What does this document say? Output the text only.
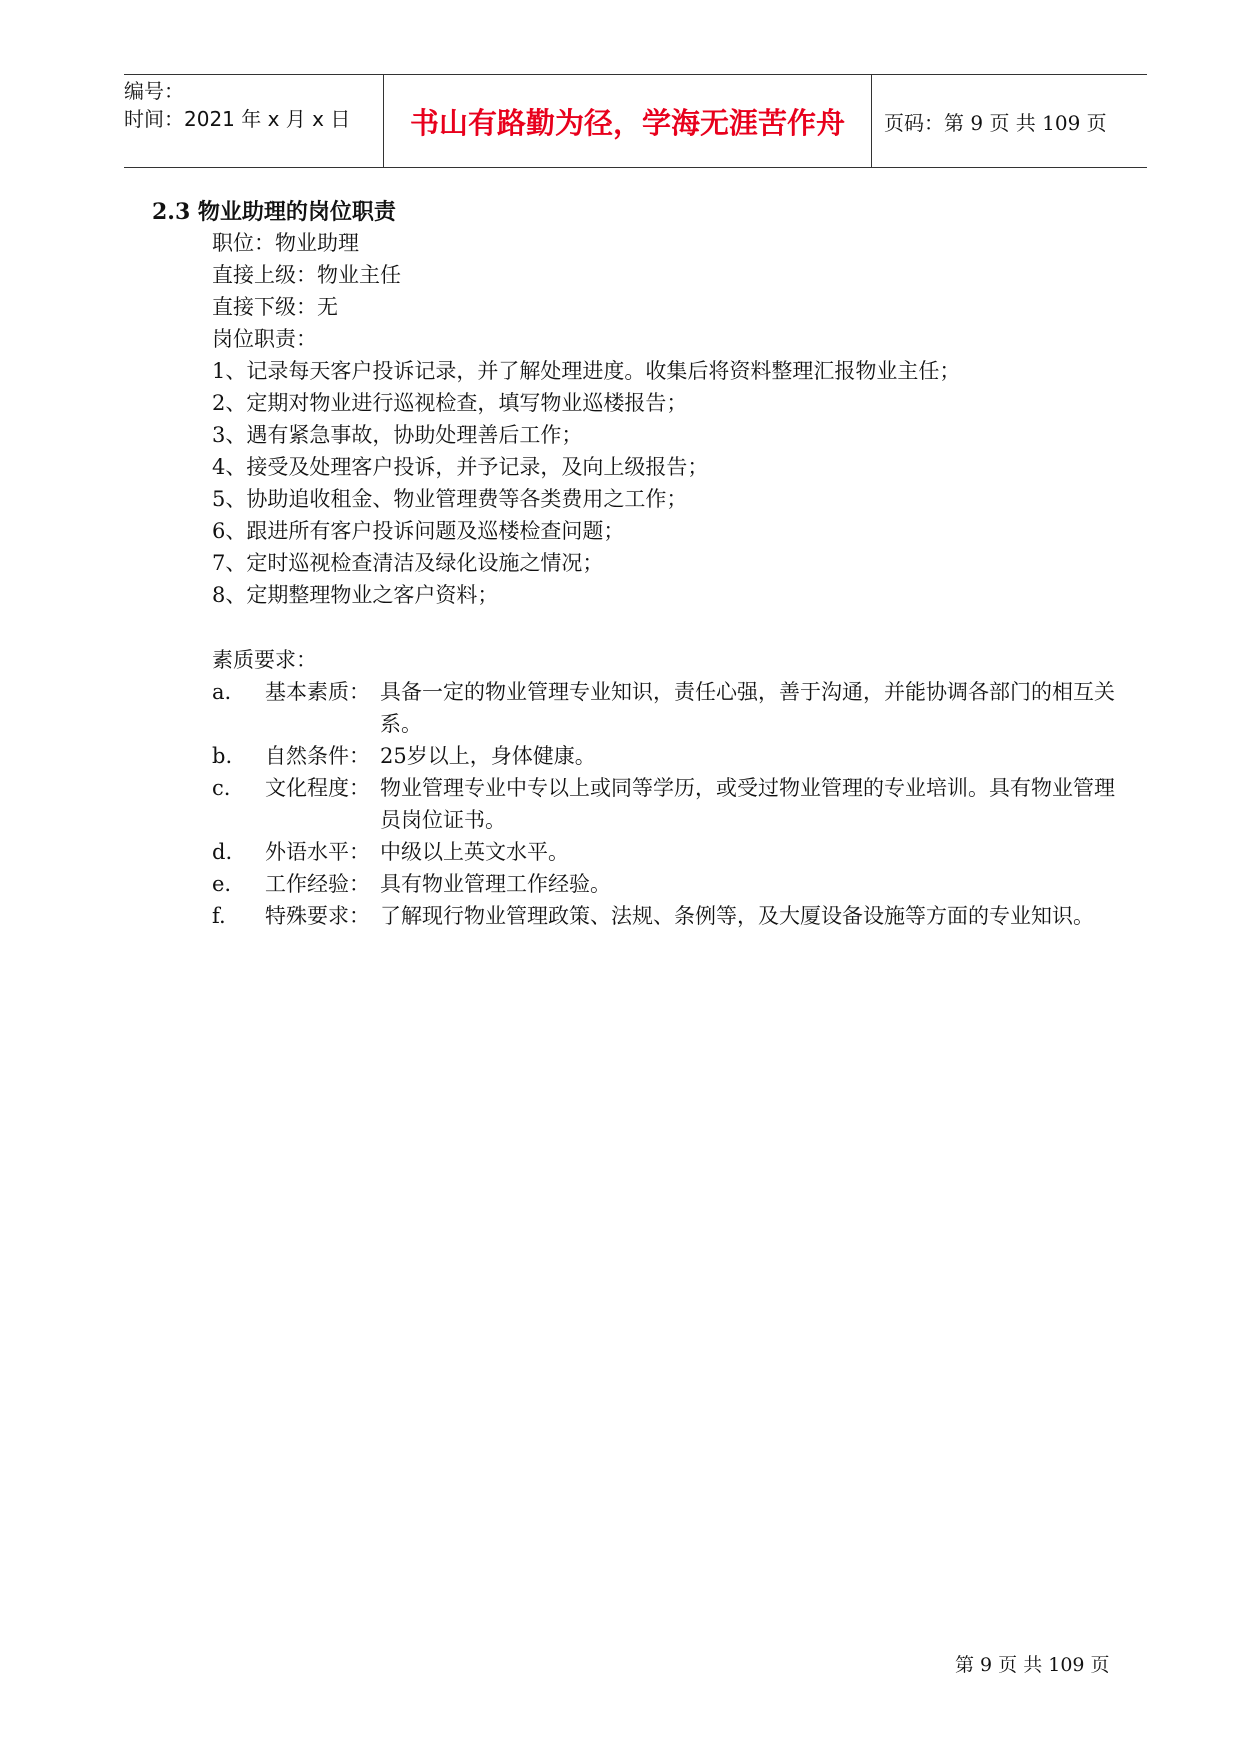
编号：
时间：2021 年 x 月 x 日	书山有路勤为径，学海无涯苦作舟 页码：第 9 页 共 109 页
2.3 物业助理的岗位职责
职位：物业助理
直接上级：物业主任
直接下级：无
岗位职责：
1、记录每天客户投诉记录，并了解处理进度。收集后将资料整理汇报物业主任；
2、定期对物业进行巡视检查，填写物业巡楼报告；
3、遇有紧急事故，协助处理善后工作；
4、接受及处理客户投诉，并予记录，及向上级报告；
5、协助追收租金、物业管理费等各类费用之工作；
6、跟进所有客户投诉问题及巡楼检查问题；
7、定时巡视检查清洁及绿化设施之情况；
8、定期整理物业之客户资料；
素质要求：
a. 基本素质： 具备一定的物业管理专业知识，责任心强，善于沟通，并能协调各部门的相互关系。
b. 自然条件： 25岁以上，身体健康。
c. 文化程度： 物业管理专业中专以上或同等学历，或受过物业管理的专业培训。具有物业管理员岗位证书。
d. 外语水平： 中级以上英文水平。
e. 工作经验： 具有物业管理工作经验。
f. 特殊要求： 了解现行物业管理政策、法规、条例等，及大厦设备设施等方面的专业知识。
第 9 页 共 109 页
